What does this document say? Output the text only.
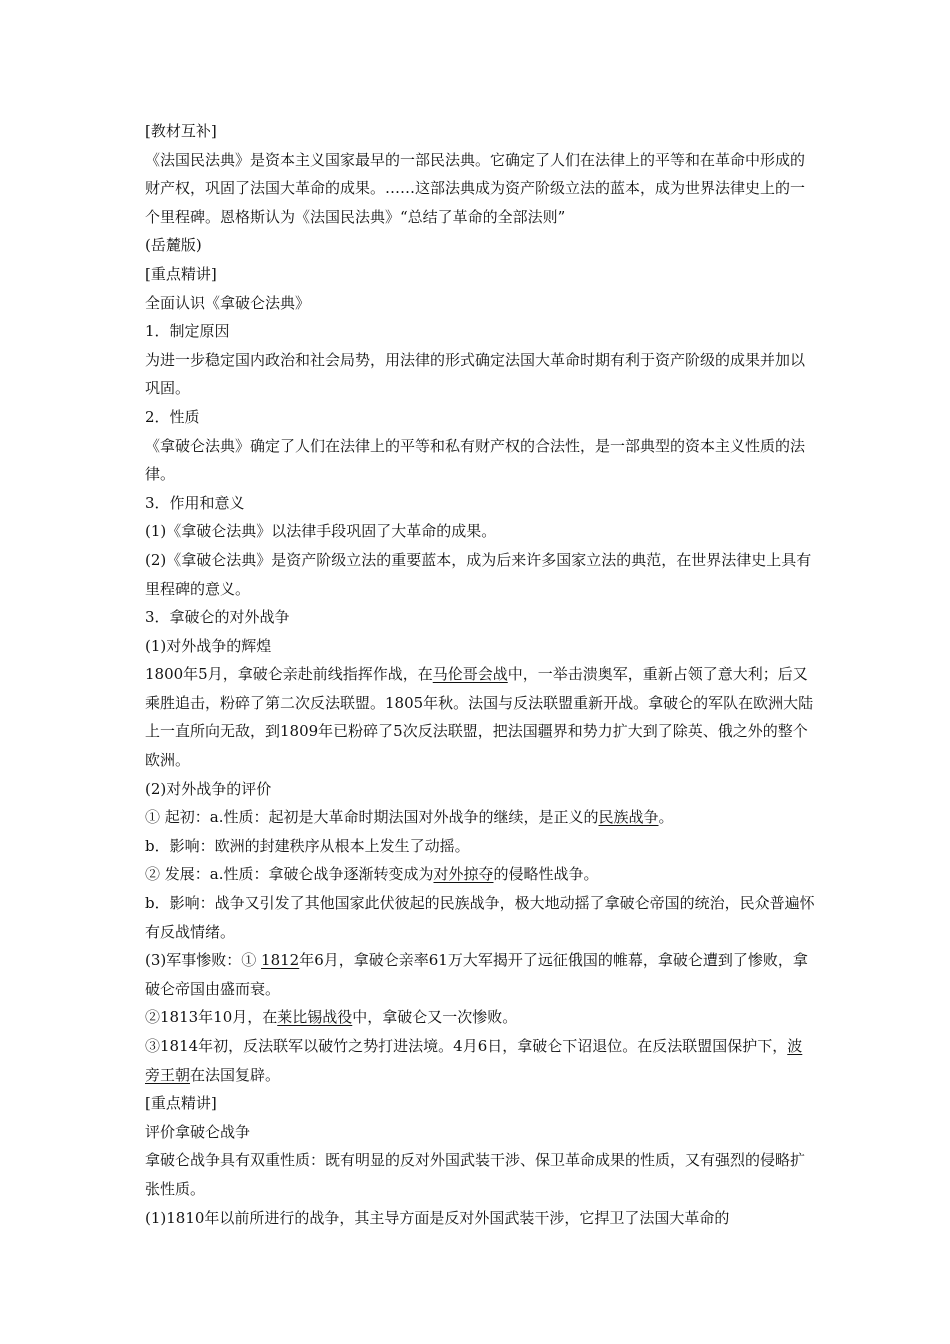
[教材互补]
《法国民法典》是资本主义国家最早的一部民法典。它确定了人们在法律上的平等和在革命中形成的财产权，巩固了法国大革命的成果。……这部法典成为资产阶级立法的蓝本，成为世界法律史上的一个里程碑。恩格斯认为《法国民法典》“总结了革命的全部法则”
(岳麓版)
[重点精讲]
全面认识《拿破仑法典》
1．制定原因
为进一步稳定国内政治和社会局势，用法律的形式确定法国大革命时期有利于资产阶级的成果并加以巩固。
2．性质
《拿破仑法典》确定了人们在法律上的平等和私有财产权的合法性，是一部典型的资本主义性质的法律。
3．作用和意义
(1)《拿破仑法典》以法律手段巩固了大革命的成果。
(2)《拿破仑法典》是资产阶级立法的重要蓝本，成为后来许多国家立法的典范，在世界法律史上具有里程碑的意义。
3．拿破仑的对外战争
(1)对外战争的辉煌
1800年5月，拿破仑亲赴前线指挥作战，在马伦哥会战中，一举击溃奥军，重新占领了意大利；后又乘胜追击，粉碎了第二次反法联盟。1805年秋。法国与反法联盟重新开战。拿破仑的军队在欧洲大陆上一直所向无敌，到1809年已粉碎了5次反法联盟，把法国疆界和势力扩大到了除英、俄之外的整个欧洲。
(2)对外战争的评价
① 起初：a.性质：起初是大革命时期法国对外战争的继续，是正义的民族战争。
b．影响：欧洲的封建秩序从根本上发生了动摇。
② 发展：a.性质：拿破仑战争逐渐转变成为对外掠夺的侵略性战争。
b．影响：战争又引发了其他国家此伏彼起的民族战争，极大地动摇了拿破仑帝国的统治，民众普遍怀有反战情绪。
(3)军事惨败：① 1812年6月，拿破仑亲率61万大军揭开了远征俄国的帷幕，拿破仑遭到了惨败，拿破仑帝国由盛而衰。
②1813年10月，在莱比锡战役中，拿破仑又一次惨败。
③1814年初，反法联军以破竹之势打进法境。4月6日，拿破仑下诏退位。在反法联盟国保护下，波旁王朝在法国复辟。
[重点精讲]
评价拿破仑战争
拿破仑战争具有双重性质：既有明显的反对外国武装干涉、保卫革命成果的性质，又有强烈的侵略扩张性质。
(1)1810年以前所进行的战争，其主导方面是反对外国武装干涉，它捍卫了法国大革命的
